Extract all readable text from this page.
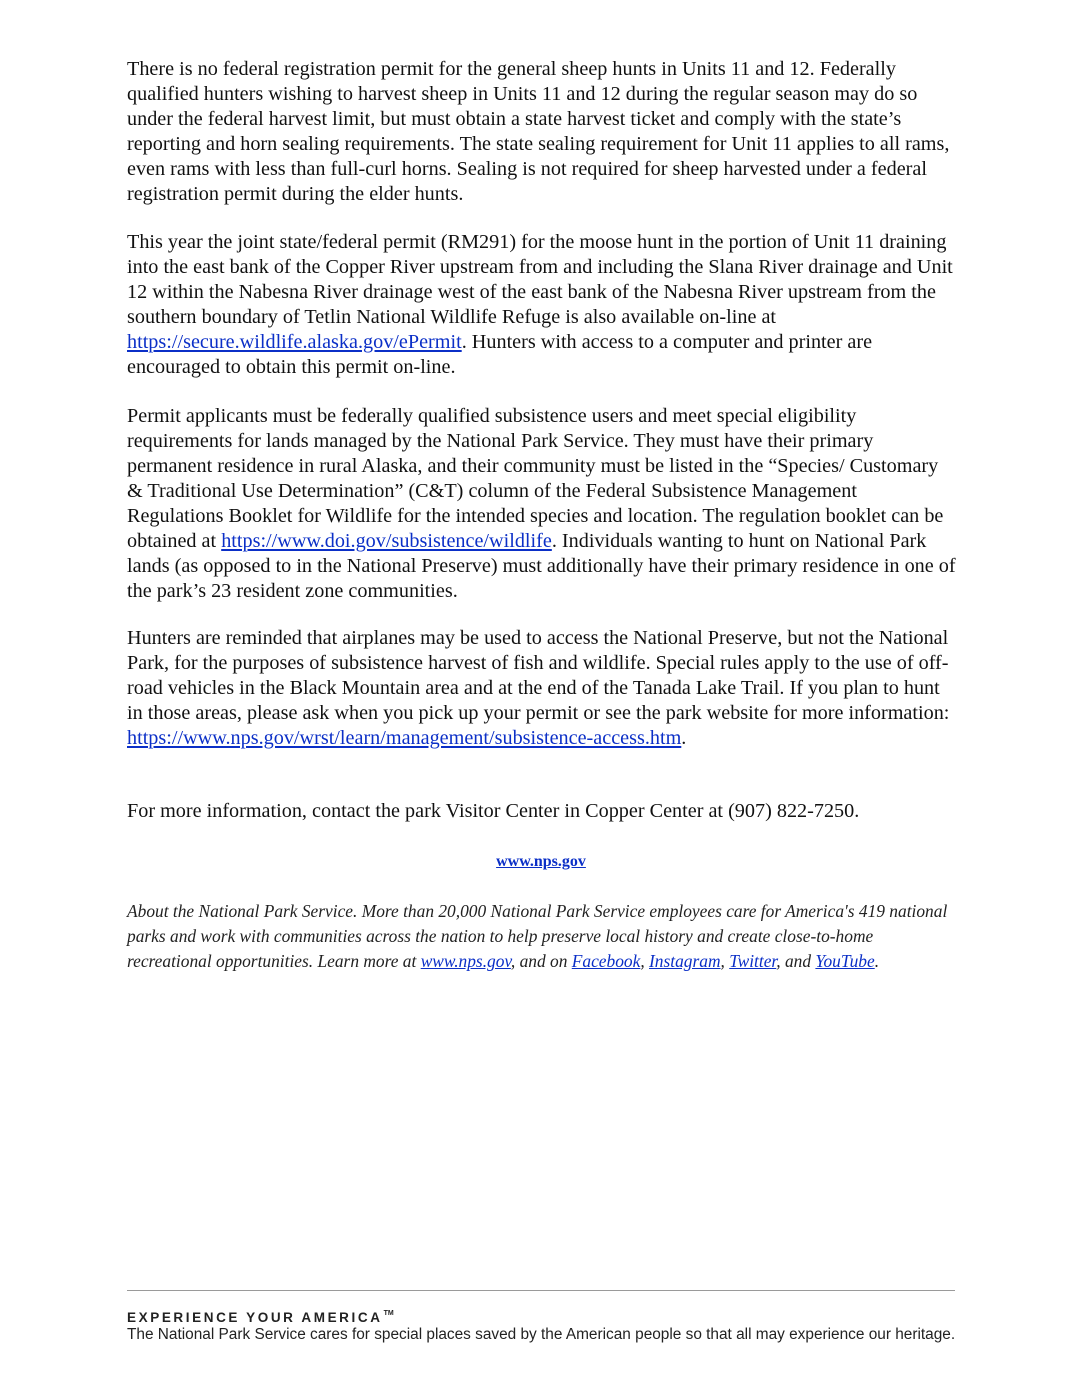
There is no federal registration permit for the general sheep hunts in Units 11 and 12. Federally qualified hunters wishing to harvest sheep in Units 11 and 12 during the regular season may do so under the federal harvest limit, but must obtain a state harvest ticket and comply with the state’s reporting and horn sealing requirements. The state sealing requirement for Unit 11 applies to all rams, even rams with less than full-curl horns. Sealing is not required for sheep harvested under a federal registration permit during the elder hunts.

This year the joint state/federal permit (RM291) for the moose hunt in the portion of Unit 11 draining into the east bank of the Copper River upstream from and including the Slana River drainage and Unit 12 within the Nabesna River drainage west of the east bank of the Nabesna River upstream from the southern boundary of Tetlin National Wildlife Refuge is also available on-line at https://secure.wildlife.alaska.gov/ePermit. Hunters with access to a computer and printer are encouraged to obtain this permit on-line.

Permit applicants must be federally qualified subsistence users and meet special eligibility requirements for lands managed by the National Park Service. They must have their primary permanent residence in rural Alaska, and their community must be listed in the “Species/ Customary & Traditional Use Determination” (C&T) column of the Federal Subsistence Management Regulations Booklet for Wildlife for the intended species and location. The regulation booklet can be obtained at https://www.doi.gov/subsistence/wildlife. Individuals wanting to hunt on National Park lands (as opposed to in the National Preserve) must additionally have their primary residence in one of the park’s 23 resident zone communities.

Hunters are reminded that airplanes may be used to access the National Preserve, but not the National Park, for the purposes of subsistence harvest of fish and wildlife. Special rules apply to the use of off-road vehicles in the Black Mountain area and at the end of the Tanada Lake Trail. If you plan to hunt in those areas, please ask when you pick up your permit or see the park website for more information: https://www.nps.gov/wrst/learn/management/subsistence-access.htm.

For more information, contact the park Visitor Center in Copper Center at (907) 822-7250.

www.nps.gov

About the National Park Service. More than 20,000 National Park Service employees care for America's 419 national parks and work with communities across the nation to help preserve local history and create close-to-home recreational opportunities. Learn more at www.nps.gov, and on Facebook, Instagram, Twitter, and YouTube.

EXPERIENCE YOUR AMERICA™
The National Park Service cares for special places saved by the American people so that all may experience our heritage.
